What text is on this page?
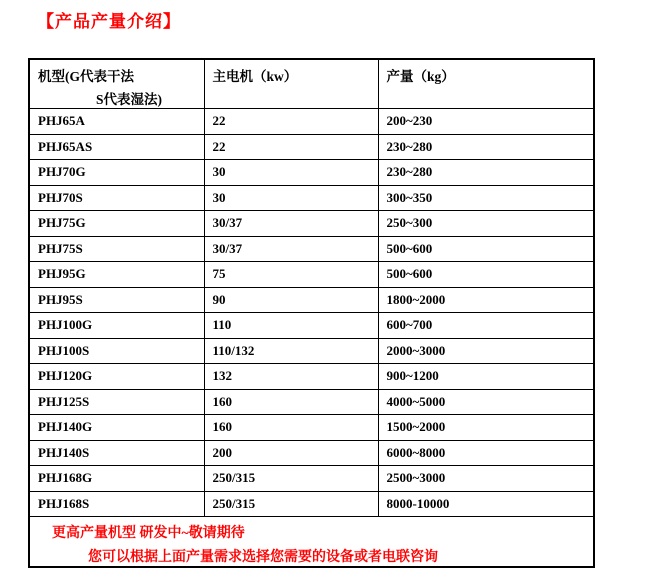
【产品产量介绍】
机型(G代表干法
S代表湿法)	主电机（kw）	产量（kg）
PHJ65A	22	200~230
PHJ65AS	22	230~280
PHJ70G	30	230~280
PHJ70S	30	300~350
PHJ75G	30/37	250~300
PHJ75S	30/37	500~600
PHJ95G	75	500~600
PHJ95S	90	1800~2000
PHJ100G	110	600~700
PHJ100S	110/132	2000~3000
PHJ120G	132	900~1200
PHJ125S	160	4000~5000
PHJ140G	160	1500~2000
PHJ140S	200	6000~8000
PHJ168G	250/315	2500~3000
PHJ168S	250/315	8000-10000

更高产量机型 研发中~敬请期待
您可以根据上面产量需求选择您需要的设备或者电联咨询		
